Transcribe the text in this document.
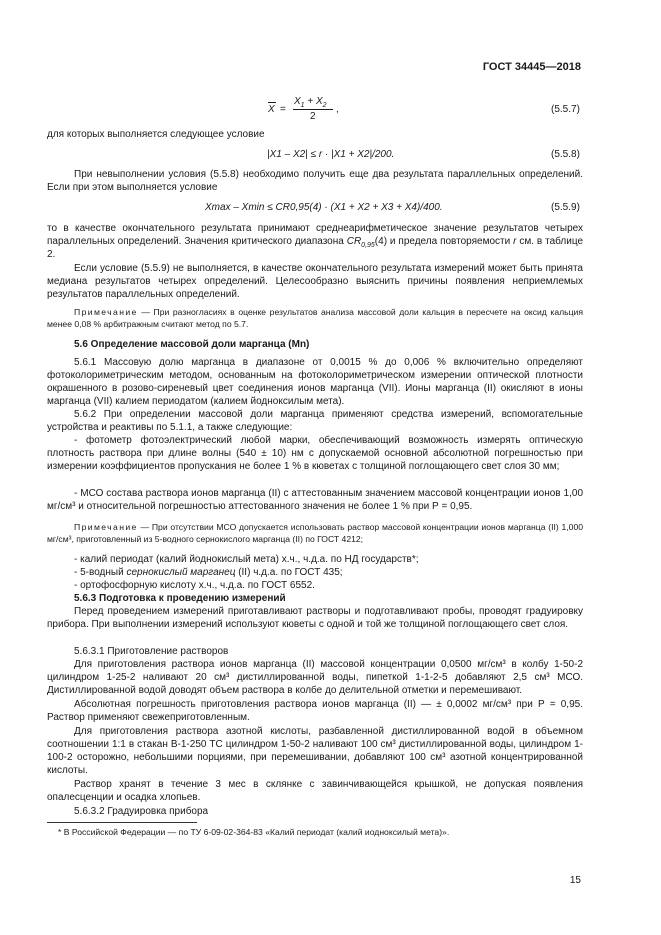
ГОСТ 34445—2018
X =
$X_1 + X_2$
2
,	(5.5.7)
для которых выполняется следующее условие
|X1 – X2| ≤ r · |X1 + X2|/200.	(5.5.8)
При невыполнении условия (5.5.8) необходимо получить еще два результата параллельных определений. Если при этом выполняется условие
Xmax – Xmin ≤ CR0,95(4) · (X1 + X2 + X3 + X4)/400.	(5.5.9)
то в качестве окончательного результата принимают среднеарифметическое значение результатов четырех параллельных определений. Значения критического диапазона $CR_{0,95}(4)$ и предела повторяемости r см. в таблице 2.
Если условие (5.5.9) не выполняется, в качестве окончательного результата измерений может быть принята медиана результатов четырех определений. Целесообразно выяснить причины появления неприемлемых результатов параллельных определений.
Примечание — При разногласиях в оценке результатов анализа массовой доли кальция в пересчете на оксид кальция менее 0,08 % арбитражным считают метод по 5.7.
5.6 Определение массовой доли марганца (Mn)
5.6.1 Массовую долю марганца в диапазоне от 0,0015 % до 0,006 % включительно определяют фотоколориметрическим методом, основанным на фотоколориметрическом измерении оптической плотности окрашенного в розово-сиреневый цвет соединения ионов марганца (VII). Ионы марганца (II) окисляют в ионы марганца (VII) калием периодатом (калием йодноксилым мета).
5.6.2 При определении массовой доли марганца применяют средства измерений, вспомогательные устройства и реактивы по 5.1.1, а также следующие:
- фотометр фотоэлектрический любой марки, обеспечивающий возможность измерять оптическую плотность раствора при длине волны (540 ± 10) нм с допускаемой основной абсолютной погрешностью при измерении коэффициентов пропускания не более 1 % в кюветах с толщиной поглощающего свет слоя 30 мм;
- МСО состава раствора ионов марганца (II) с аттестованным значением массовой концентрации ионов 1,00 мг/см³ и относительной погрешностью аттестованного значения не более 1 % при Р = 0,95.
Примечание — При отсутствии МСО допускается использовать раствор массовой концентрации ионов марганца (II) 1,000 мг/см³, приготовленный из 5-водного сернокислого марганца (II) по ГОСТ 4212;
- калий периодат (калий йоднокислый мета) х.ч., ч.д.а. по НД государств*;
- 5-водный сернокислый марганец (II) ч.д.а. по ГОСТ 435;
- ортофосфорную кислоту х.ч., ч.д.а. по ГОСТ 6552.
5.6.3 Подготовка к проведению измерений
Перед проведением измерений приготавливают растворы и подготавливают пробы, проводят градуировку прибора. При выполнении измерений используют кюветы с одной и той же толщиной поглощающего свет слоя.
5.6.3.1 Приготовление растворов
Для приготовления раствора ионов марганца (II) массовой концентрации 0,0500 мг/см³ в колбу 1-50-2 цилиндром 1-25-2 наливают 20 см³ дистиллированной воды, пипеткой 1-1-2-5 добавляют 2,5 см³ МСО. Дистиллированной водой доводят объем раствора в колбе до делительной отметки и перемешивают.
Абсолютная погрешность приготовления раствора ионов марганца (II) — ± 0,0002 мг/см³ при Р = 0,95. Раствор применяют свежеприготовленным.
Для приготовления раствора азотной кислоты, разбавленной дистиллированной водой в объемном соотношении 1:1 в стакан В-1-250 ТС цилиндром 1-50-2 наливают 100 см³ дистиллированной воды, цилиндром 1-100-2 осторожно, небольшими порциями, при перемешивании, добавляют 100 см³ азотной концентрированной кислоты.
Раствор хранят в течение 3 мес в склянке с завинчивающейся крышкой, не допуская появления опалесценции и осадка хлопьев.
5.6.3.2 Градуировка прибора
* В Российской Федерации — по ТУ 6-09-02-364-83 «Калий периодат (калий иодноксилый мета)».
15
